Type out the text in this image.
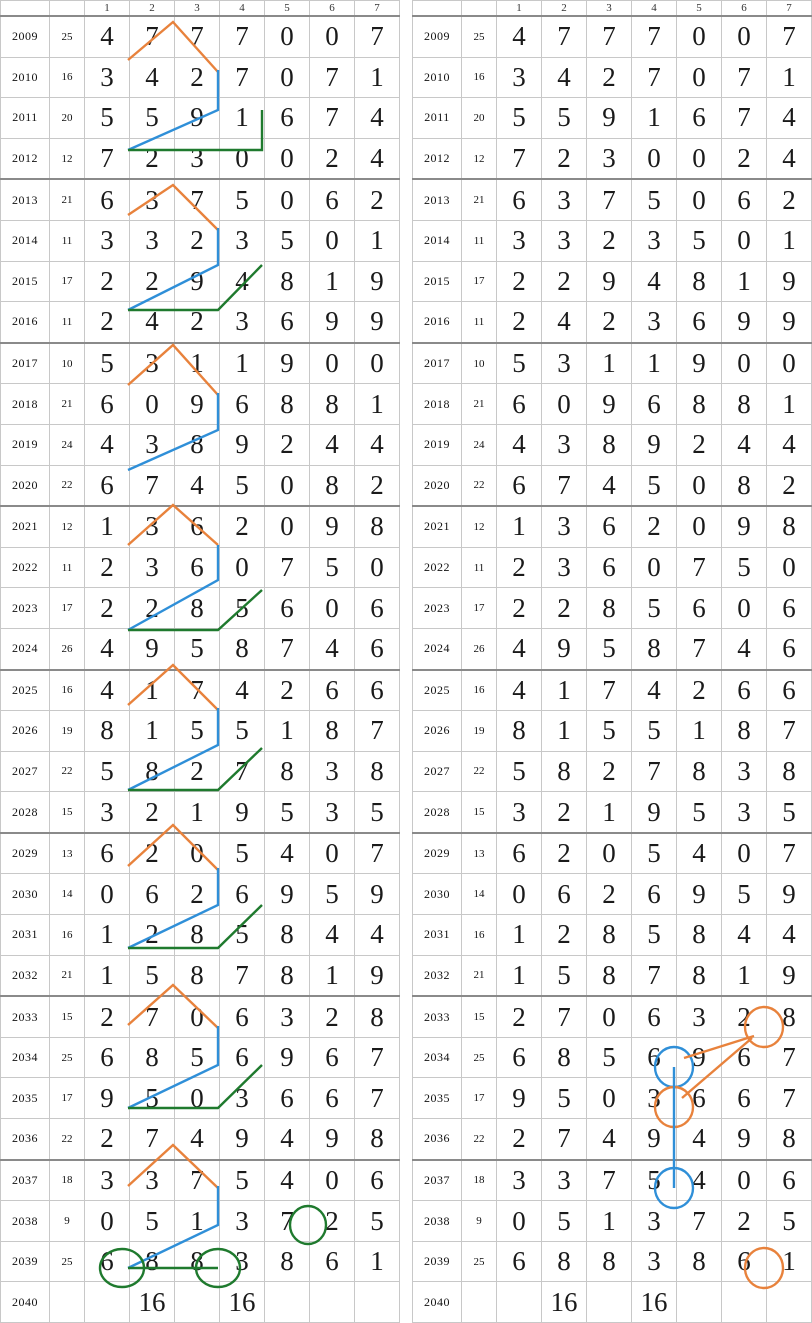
		1	2	3	4	5	6	7
2009	25	4	7	7	7	0	0	7
2010	16	3	4	2	7	0	7	1
2011	20	5	5	9	1	6	7	4
2012	12	7	2	3	0	0	2	4
2013	21	6	3	7	5	0	6	2
2014	11	3	3	2	3	5	0	1
2015	17	2	2	9	4	8	1	9
2016	11	2	4	2	3	6	9	9
2017	10	5	3	1	1	9	0	0
2018	21	6	0	9	6	8	8	1
2019	24	4	3	8	9	2	4	4
2020	22	6	7	4	5	0	8	2
2021	12	1	3	6	2	0	9	8
2022	11	2	3	6	0	7	5	0
2023	17	2	2	8	5	6	0	6
2024	26	4	9	5	8	7	4	6
2025	16	4	1	7	4	2	6	6
2026	19	8	1	5	5	1	8	7
2027	22	5	8	2	7	8	3	8
2028	15	3	2	1	9	5	3	5
2029	13	6	2	0	5	4	0	7
2030	14	0	6	2	6	9	5	9
2031	16	1	2	8	5	8	4	4
2032	21	1	5	8	7	8	1	9
2033	15	2	7	0	6	3	2	8
2034	25	6	8	5	6	9	6	7
2035	17	9	5	0	3	6	6	7
2036	22	2	7	4	9	4	9	8
2037	18	3	3	7	5	4	0	6
2038	9	0	5	1	3	7	2	5
2039	25	6	8	8	3	8	6	1
2040			16		16			
		1	2	3	4	5	6	7
2009	25	4	7	7	7	0	0	7
2010	16	3	4	2	7	0	7	1
2011	20	5	5	9	1	6	7	4
2012	12	7	2	3	0	0	2	4
2013	21	6	3	7	5	0	6	2
2014	11	3	3	2	3	5	0	1
2015	17	2	2	9	4	8	1	9
2016	11	2	4	2	3	6	9	9
2017	10	5	3	1	1	9	0	0
2018	21	6	0	9	6	8	8	1
2019	24	4	3	8	9	2	4	4
2020	22	6	7	4	5	0	8	2
2021	12	1	3	6	2	0	9	8
2022	11	2	3	6	0	7	5	0
2023	17	2	2	8	5	6	0	6
2024	26	4	9	5	8	7	4	6
2025	16	4	1	7	4	2	6	6
2026	19	8	1	5	5	1	8	7
2027	22	5	8	2	7	8	3	8
2028	15	3	2	1	9	5	3	5
2029	13	6	2	0	5	4	0	7
2030	14	0	6	2	6	9	5	9
2031	16	1	2	8	5	8	4	4
2032	21	1	5	8	7	8	1	9
2033	15	2	7	0	6	3	2	8
2034	25	6	8	5	6	9	6	7
2035	17	9	5	0	3	6	6	7
2036	22	2	7	4	9	4	9	8
2037	18	3	3	7	5	4	0	6
2038	9	0	5	1	3	7	2	5
2039	25	6	8	8	3	8	6	1
2040			16		16			
